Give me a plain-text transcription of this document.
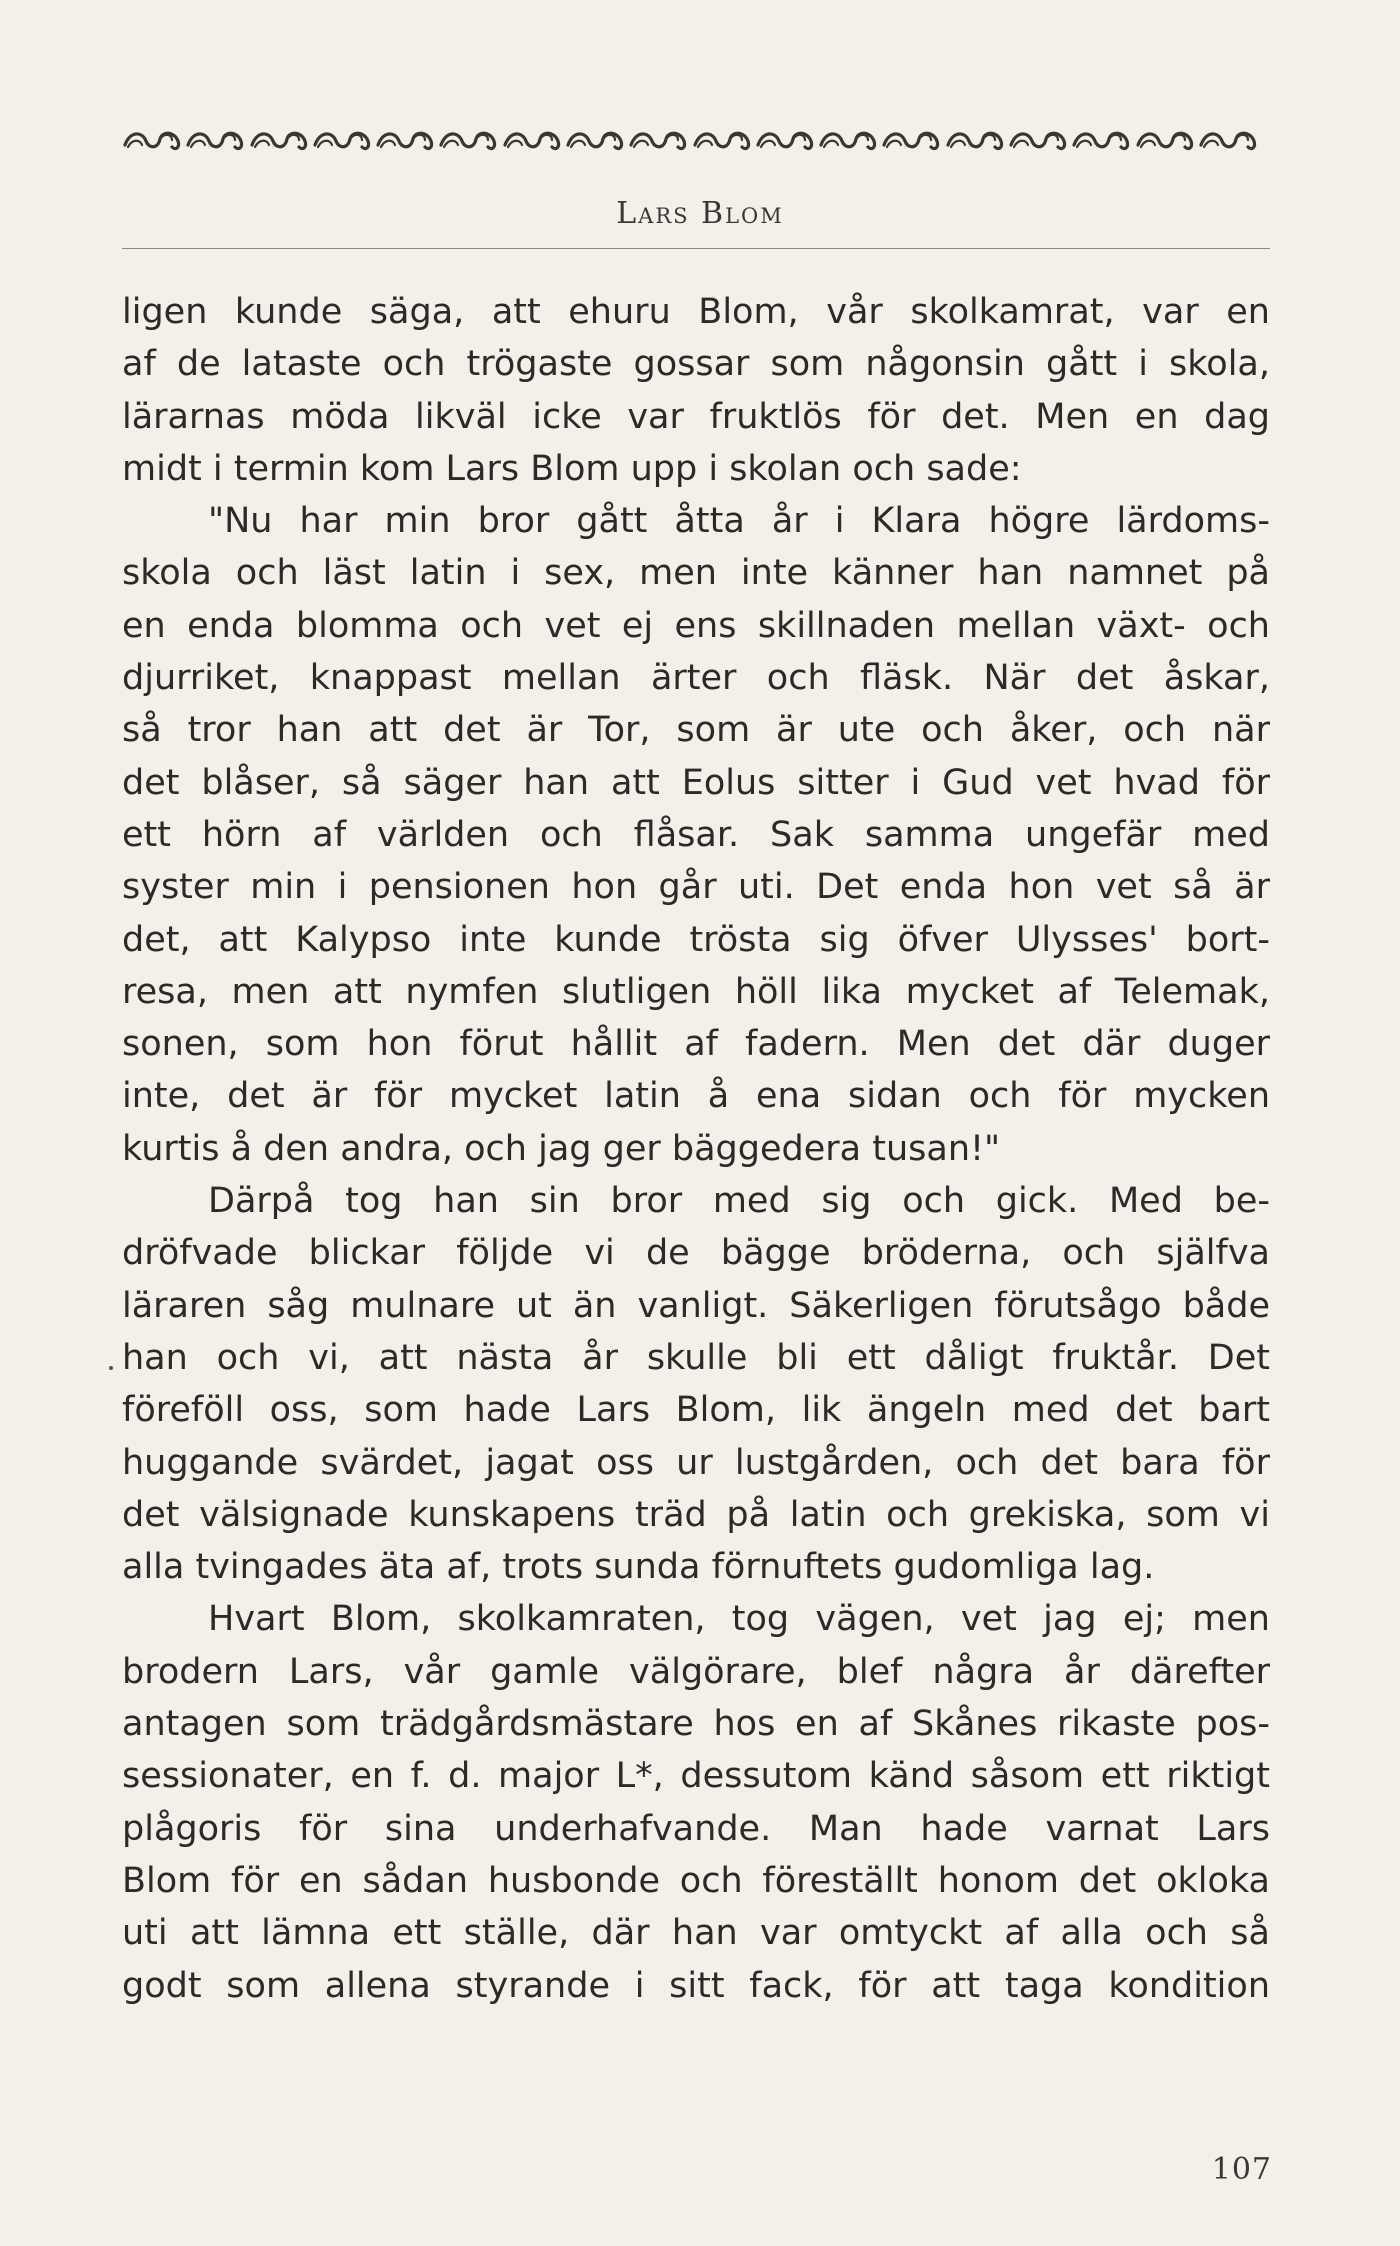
Lars Blom
ligen kunde säga, att ehuru Blom, vår skolkamrat, var en
af de lataste och trögaste gossar som någonsin gått i skola,
lärarnas möda likväl icke var fruktlös för det. Men en dag
midt i termin kom Lars Blom upp i skolan och sade:
"Nu har min bror gått åtta år i Klara högre lärdoms-
skola och läst latin i sex, men inte känner han namnet på
en enda blomma och vet ej ens skillnaden mellan växt- och
djurriket, knappast mellan ärter och fläsk. När det åskar,
så tror han att det är Tor, som är ute och åker, och när
det blåser, så säger han att Eolus sitter i Gud vet hvad för
ett hörn af världen och flåsar. Sak samma ungefär med
syster min i pensionen hon går uti. Det enda hon vet så är
det, att Kalypso inte kunde trösta sig öfver Ulysses' bort-
resa, men att nymfen slutligen höll lika mycket af Telemak,
sonen, som hon förut hållit af fadern. Men det där duger
inte, det är för mycket latin å ena sidan och för mycken
kurtis å den andra, och jag ger bäggedera tusan!"
Därpå tog han sin bror med sig och gick. Med be-
dröfvade blickar följde vi de bägge bröderna, och själfva
läraren såg mulnare ut än vanligt. Säkerligen förutsågo både
han och vi, att nästa år skulle bli ett dåligt fruktår. Det
föreföll oss, som hade Lars Blom, lik ängeln med det bart
huggande svärdet, jagat oss ur lustgården, och det bara för
det välsignade kunskapens träd på latin och grekiska, som vi
alla tvingades äta af, trots sunda förnuftets gudomliga lag.
Hvart Blom, skolkamraten, tog vägen, vet jag ej; men
brodern Lars, vår gamle välgörare, blef några år därefter
antagen som trädgårdsmästare hos en af Skånes rikaste pos-
sessionater, en f. d. major L*, dessutom känd såsom ett riktigt
plågoris för sina underhafvande. Man hade varnat Lars
Blom för en sådan husbonde och föreställt honom det okloka
uti att lämna ett ställe, där han var omtyckt af alla och så
godt som allena styrande i sitt fack, för att taga kondition
107
